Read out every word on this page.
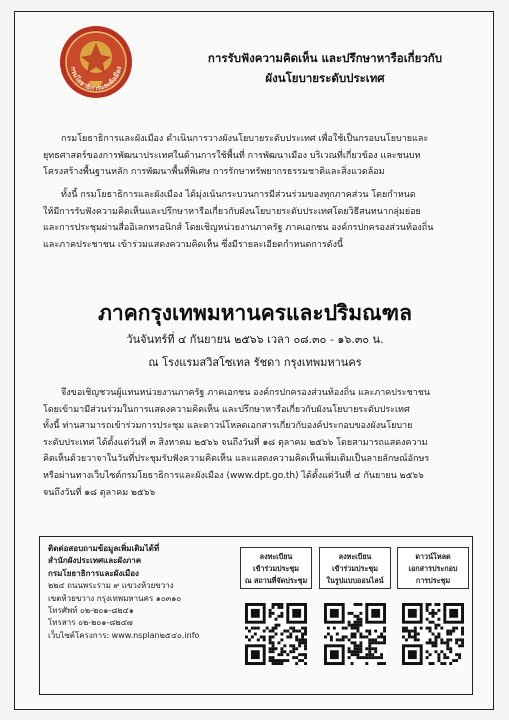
กรมโยธาธิการและผังเมือง
การรับฟังความคิดเห็น และปรึกษาหารือเกี่ยวกับ
ผังนโยบายระดับประเทศ
กรมโยธาธิการและผังเมือง ดำเนินการวางผังนโยบายระดับประเทศ เพื่อใช้เป็นกรอบนโยบายและ
ยุทธศาสตร์ของการพัฒนาประเทศในด้านการใช้พื้นที่ การพัฒนาเมือง บริเวณที่เกี่ยวข้อง และชนบท
โครงสร้างพื้นฐานหลัก การพัฒนาพื้นที่พิเศษ การรักษาทรัพยากรธรรมชาติและสิ่งแวดล้อม
ทั้งนี้ กรมโยธาธิการและผังเมือง ได้มุ่งเน้นกระบวนการมีส่วนร่วมของทุกภาคส่วน โดยกำหนด
ให้มีการรับฟังความคิดเห็นและปรึกษาหารือเกี่ยวกับผังนโยบายระดับประเทศโดยวิธีสนทนากลุ่มย่อย
และการประชุมผ่านสื่ออิเลกทรอนิกส์ โดยเชิญหน่วยงานภาครัฐ ภาคเอกชน องค์กรปกครองส่วนท้องถิ่น
และภาคประชาชน เข้าร่วมแสดงความคิดเห็น ซึ่งมีรายละเอียดกำหนดการดังนี้
ภาคกรุงเทพมหานครและปริมณฑล
วันจันทร์ที่ ๔ กันยายน ๒๕๖๖ เวลา ๐๘.๓๐ - ๑๖.๓๐ น.
ณ โรงแรมสวิสโซเทล รัชดา กรุงเทพมหานคร
จึงขอเชิญชวนผู้แทนหน่วยงานภาครัฐ ภาคเอกชน องค์กรปกครองส่วนท้องถิ่น และภาคประชาชน
โดยเข้ามามีส่วนร่วมในการแสดงความคิดเห็น และปรึกษาหารือเกี่ยวกับผังนโยบายระดับประเทศ
ทั้งนี้ ท่านสามารถเข้าร่วมการประชุม และดาวน์โหลดเอกสารเกี่ยวกับองค์ประกอบของผังนโยบาย
ระดับประเทศ ได้ตั้งแต่วันที่ ๓ สิงหาคม ๒๕๖๖ จนถึงวันที่ ๑๘ ตุลาคม ๒๕๖๖ โดยสามารถแสดงความ
คิดเห็นด้วยวาจาในวันที่ประชุมรับฟังความคิดเห็น และแสดงความคิดเห็นเพิ่มเติมเป็นลายลักษณ์อักษร
หรือผ่านทางเว็บไซต์กรมโยธาธิการและผังเมือง (www.dpt.go.th) ได้ตั้งแต่วันที่ ๔ กันยายน ๒๕๖๖
จนถึงวันที่ ๑๘ ตุลาคม ๒๕๖๖
ติดต่อสอบถามข้อมูลเพิ่มเติมได้ที่
สำนักผังประเทศและผังภาค
กรมโยธาธิการและผังเมือง
๒๒๔ ถนนพระราม ๙ แขวงห้วยขวาง
เขตห้วยขวาง กรุงเทพมหานคร ๑๐๓๑๐
โทรศัพท์ ๐๒-๒๐๑-๘๒๔๑
โทรสาร ๐๒-๒๐๑-๘๒๔๗
เว็บไซต์โครงการ: www.nsplan๒๕๔๐.info
ลงทะเบียน
เข้าร่วมประชุม
ณ สถานที่จัดประชุม
ลงทะเบียน
เข้าร่วมประชุม
ในรูปแบบออนไลน์
ดาวน์โหลด
เอกสารประกอบ
การประชุม
